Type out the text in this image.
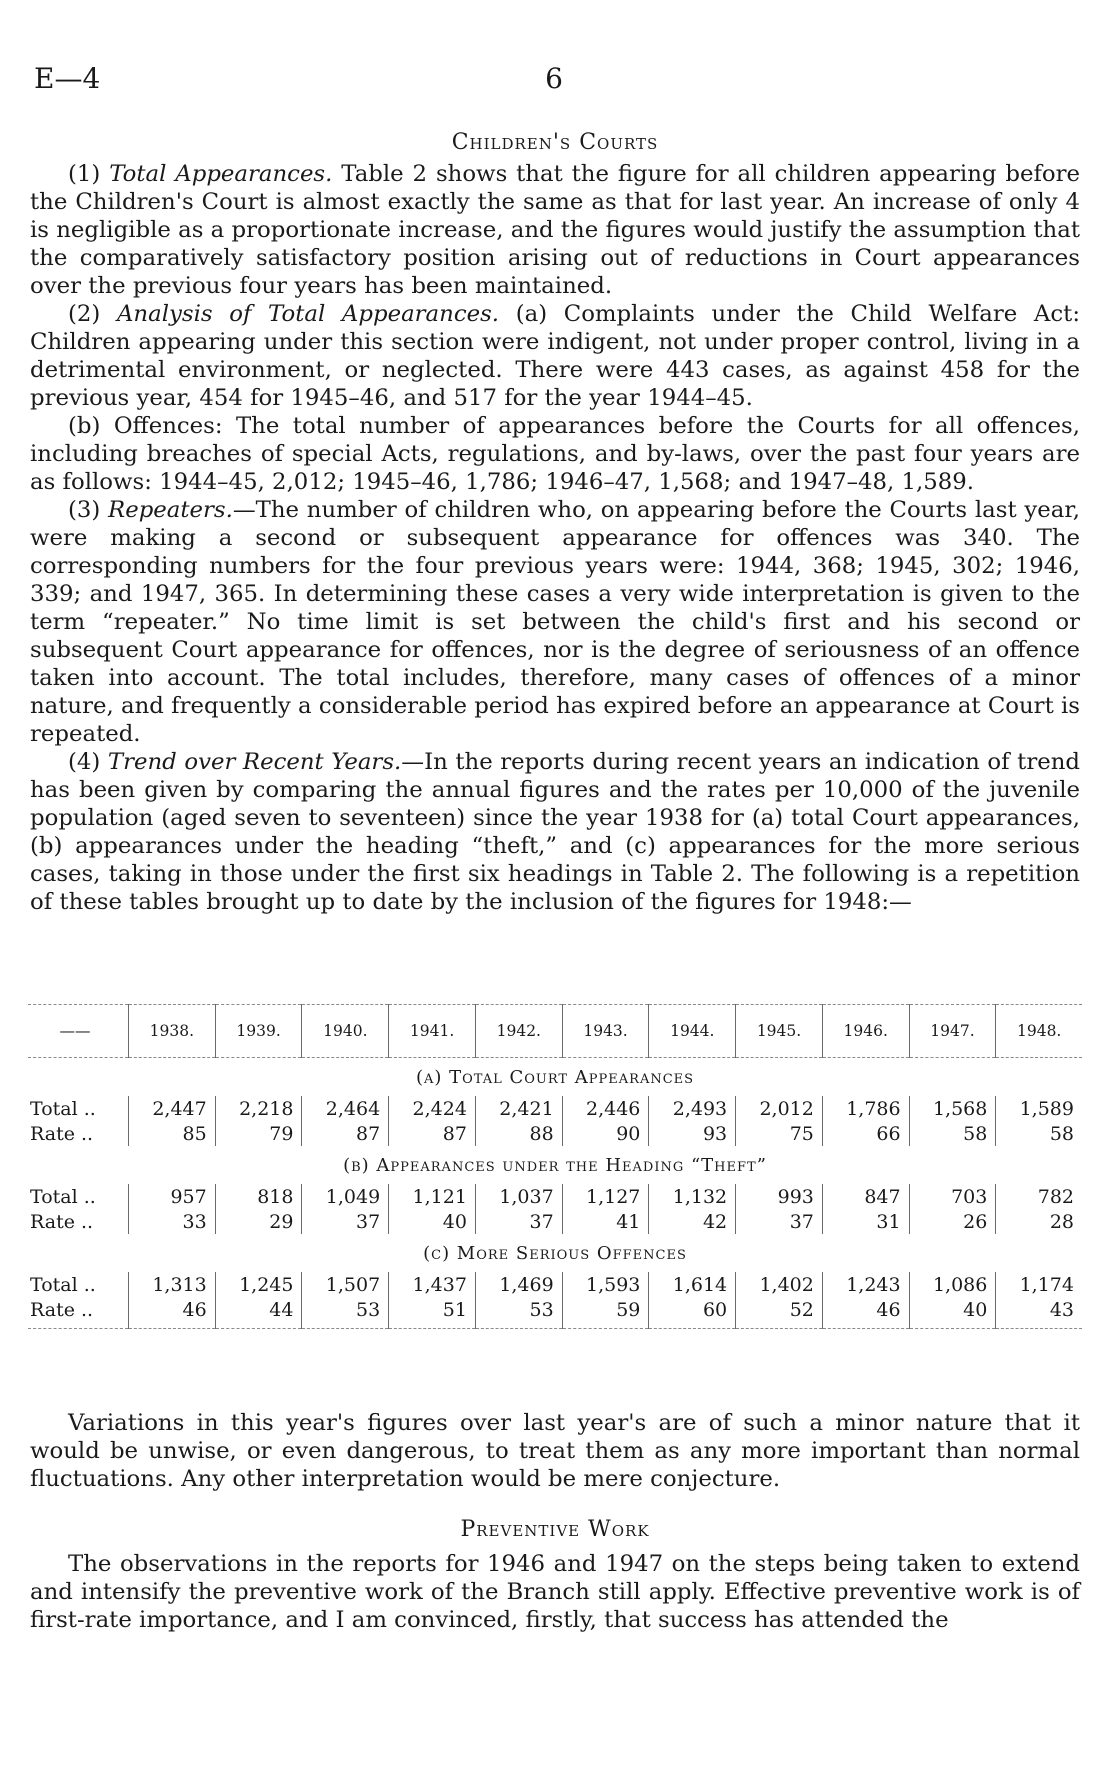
E—4	6
Children's Courts

(1) Total Appearances. Table 2 shows that the figure for all children appearing before the Children's Court is almost exactly the same as that for last year. An increase of only 4 is negligible as a proportionate increase, and the figures would justify the assumption that the comparatively satisfactory position arising out of reductions in Court appearances over the previous four years has been maintained.

(2) Analysis of Total Appearances. (a) Complaints under the Child Welfare Act: Children appearing under this section were indigent, not under proper control, living in a detrimental environment, or neglected. There were 443 cases, as against 458 for the previous year, 454 for 1945–46, and 517 for the year 1944–45.

(b) Offences: The total number of appearances before the Courts for all offences, including breaches of special Acts, regulations, and by-laws, over the past four years are as follows: 1944–45, 2,012; 1945–46, 1,786; 1946–47, 1,568; and 1947–48, 1,589.

(3) Repeaters.—The number of children who, on appearing before the Courts last year, were making a second or subsequent appearance for offences was 340. The corresponding numbers for the four previous years were: 1944, 368; 1945, 302; 1946, 339; and 1947, 365. In determining these cases a very wide interpretation is given to the term “repeater.” No time limit is set between the child's first and his second or subsequent Court appearance for offences, nor is the degree of seriousness of an offence taken into account. The total includes, therefore, many cases of offences of a minor nature, and frequently a considerable period has expired before an appearance at Court is repeated.

(4) Trend over Recent Years.—In the reports during recent years an indication of trend has been given by comparing the annual figures and the rates per 10,000 of the juvenile population (aged seven to seventeen) since the year 1938 for (a) total Court appearances, (b) appearances under the heading “theft,” and (c) appearances for the more serious cases, taking in those under the first six headings in Table 2. The following is a repetition of these tables brought up to date by the inclusion of the figures for 1948:—

——	1938.	1939.	1940.	1941.	1942.	1943.	1944.	1945.	1946.	1947.	1948.
(a) Total Court Appearances											
Total ..	2,447	2,218	2,464	2,424	2,421	2,446	2,493	2,012	1,786	1,568	1,589
Rate ..	85	79	87	87	88	90	93	75	66	58	58
(b) Appearances under the Heading “Theft”											
Total ..	957	818	1,049	1,121	1,037	1,127	1,132	993	847	703	782
Rate ..	33	29	37	40	37	41	42	37	31	26	28
(c) More Serious Offences											
Total ..	1,313	1,245	1,507	1,437	1,469	1,593	1,614	1,402	1,243	1,086	1,174
Rate ..	46	44	53	51	53	59	60	52	46	40	43

Variations in this year's figures over last year's are of such a minor nature that it would be unwise, or even dangerous, to treat them as any more important than normal fluctuations. Any other interpretation would be mere conjecture.

Preventive Work

The observations in the reports for 1946 and 1947 on the steps being taken to extend and intensify the preventive work of the Branch still apply. Effective preventive work is of first-rate importance, and I am convinced, firstly, that success has attended the
